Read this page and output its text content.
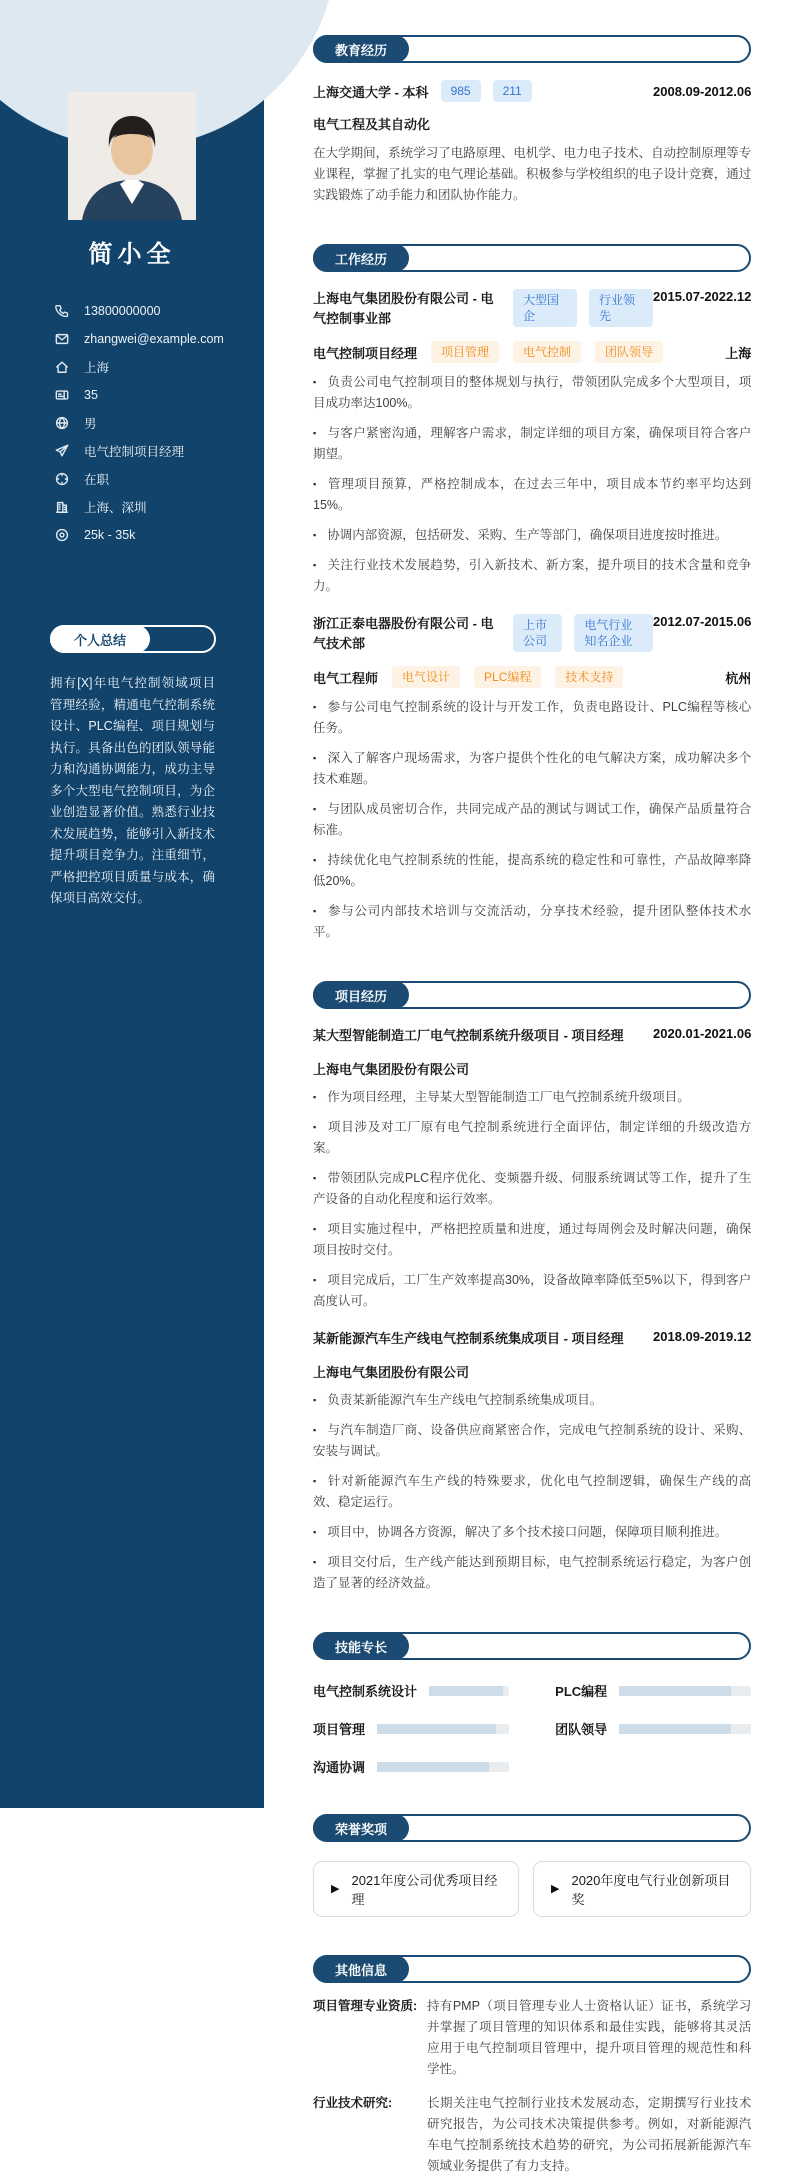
简小全
13800000000
zhangwei@example.com
上海
35
男
电气控制项目经理
在职
上海、深圳
25k - 35k
个人总结

拥有[X]年电气控制领域项目管理经验，精通电气控制系统设计、PLC编程、项目规划与执行。具备出色的团队领导能力和沟通协调能力，成功主导多个大型电气控制项目，为企业创造显著价值。熟悉行业技术发展趋势，能够引入新技术提升项目竞争力。注重细节，严格把控项目质量与成本，确保项目高效交付。

教育经历
上海交通大学 - 本科	985	211	2008.09-2012.06
电气工程及其自动化

在大学期间，系统学习了电路原理、电机学、电力电子技术、自动控制原理等专业课程，掌握了扎实的电气理论基础。积极参与学校组织的电子设计竞赛，通过实践锻炼了动手能力和团队协作能力。

工作经历
上海电气集团股份有限公司 - 电气控制事业部
大型国企
行业领先
2015.07-2022.12
电气控制项目经理	项目管理	电气控制	团队领导	上海

▪ 负责公司电气控制项目的整体规划与执行，带领团队完成多个大型项目，项目成功率达100%。

▪ 与客户紧密沟通，理解客户需求，制定详细的项目方案，确保项目符合客户期望。

▪ 管理项目预算，严格控制成本，在过去三年中，项目成本节约率平均达到15%。

▪ 协调内部资源，包括研发、采购、生产等部门，确保项目进度按时推进。

▪ 关注行业技术发展趋势，引入新技术、新方案，提升项目的技术含量和竞争力。

浙江正泰电器股份有限公司 - 电气技术部
上市公司
电气行业知名企业
2012.07-2015.06
电气工程师	电气设计	PLC编程	技术支持	杭州

▪ 参与公司电气控制系统的设计与开发工作，负责电路设计、PLC编程等核心任务。

▪ 深入了解客户现场需求，为客户提供个性化的电气解决方案，成功解决多个技术难题。

▪ 与团队成员密切合作，共同完成产品的测试与调试工作，确保产品质量符合标准。

▪ 持续优化电气控制系统的性能，提高系统的稳定性和可靠性，产品故障率降低20%。

▪ 参与公司内部技术培训与交流活动，分享技术经验，提升团队整体技术水平。

项目经历
某大型智能制造工厂电气控制系统升级项目 - 项目经理	2020.01-2021.06
上海电气集团股份有限公司

▪ 作为项目经理，主导某大型智能制造工厂电气控制系统升级项目。

▪ 项目涉及对工厂原有电气控制系统进行全面评估，制定详细的升级改造方案。

▪ 带领团队完成PLC程序优化、变频器升级、伺服系统调试等工作，提升了生产设备的自动化程度和运行效率。

▪ 项目实施过程中，严格把控质量和进度，通过每周例会及时解决问题，确保项目按时交付。

▪ 项目完成后，工厂生产效率提高30%，设备故障率降低至5%以下，得到客户高度认可。

某新能源汽车生产线电气控制系统集成项目 - 项目经理	2018.09-2019.12
上海电气集团股份有限公司

▪ 负责某新能源汽车生产线电气控制系统集成项目。

▪ 与汽车制造厂商、设备供应商紧密合作，完成电气控制系统的设计、采购、安装与调试。

▪ 针对新能源汽车生产线的特殊要求，优化电气控制逻辑，确保生产线的高效、稳定运行。

▪ 项目中，协调各方资源，解决了多个技术接口问题，保障项目顺利推进。

▪ 项目交付后，生产线产能达到预期目标，电气控制系统运行稳定，为客户创造了显著的经济效益。

技能专长
电气控制系统设计	PLC编程
项目管理	团队领导
沟通协调
荣誉奖项
▶
2021年度公司优秀项目经理
▶
2020年度电气行业创新项目奖
其他信息
项目管理专业资质: 持有PMP（项目管理专业人士资格认证）证书，系统学习并掌握了项目管理的知识体系和最佳实践，能够将其灵活应用于电气控制项目管理中，提升项目管理的规范性和科学性。

行业技术研究:	长期关注电气控制行业技术发展动态，定期撰写行业技术研究报告，为公司技术决策提供参考。例如，对新能源汽车电气控制系统技术趋势的研究，为公司拓展新能源汽车领域业务提供了有力支持。
